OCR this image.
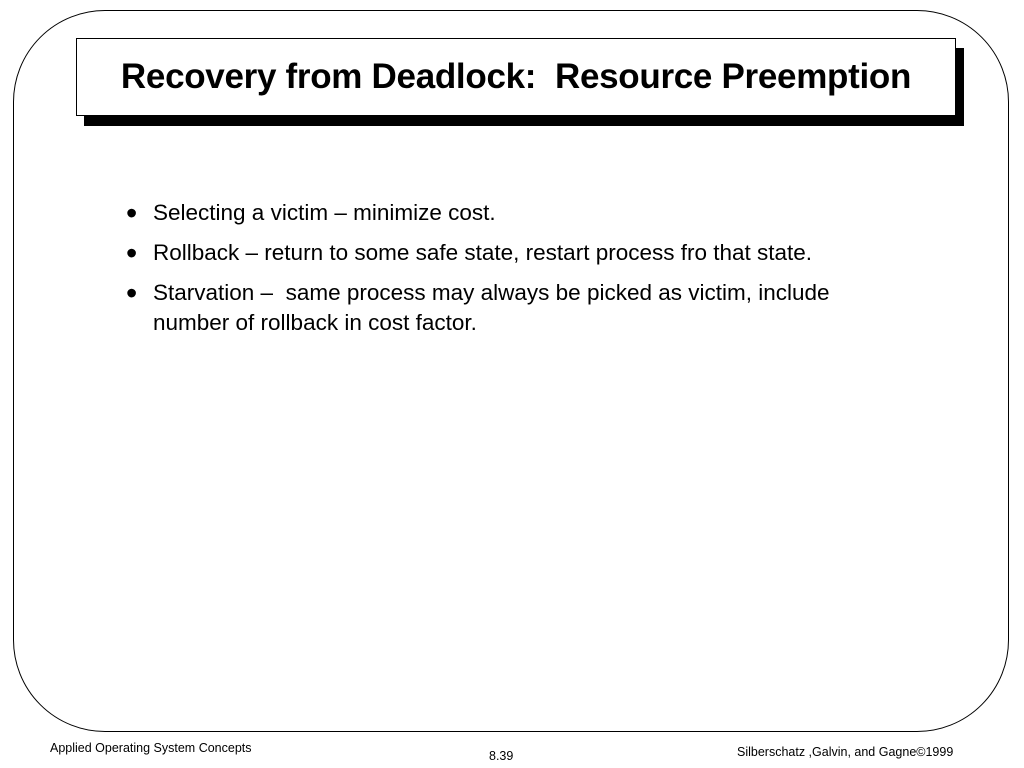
Recovery from Deadlock:  Resource Preemption
• Selecting a victim – minimize cost.
• Rollback – return to some safe state, restart process fro that state.
• Starvation –  same process may always be picked as victim, include number of rollback in cost factor.
Applied Operating System Concepts
8.39	Silberschatz ,Galvin, and Gagne©1999
